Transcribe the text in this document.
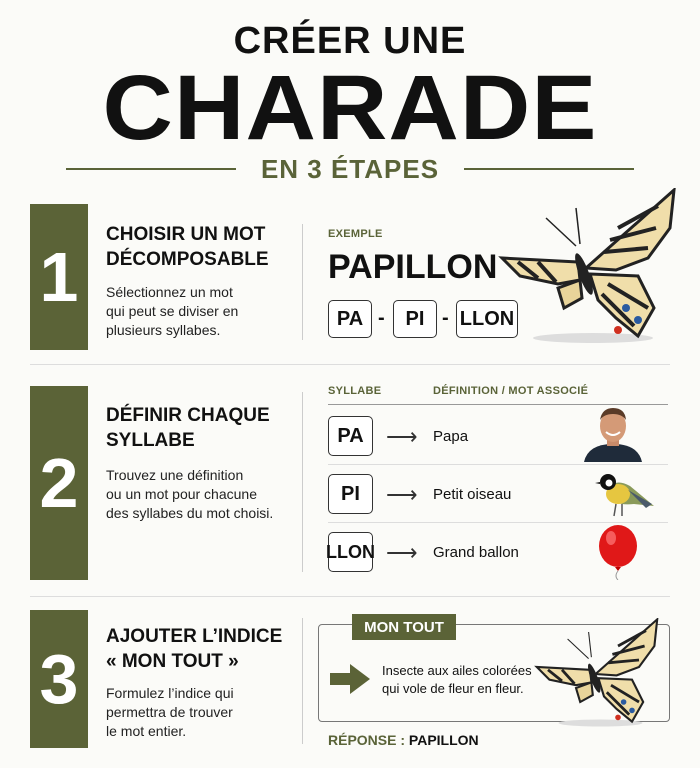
CRÉER UNE
CHARADE
EN 3 ÉTAPES
1
CHOISIR UN MOT
DÉCOMPOSABLE
Sélectionnez un mot
qui peut se diviser en
plusieurs syllabes.
EXEMPLE
PAPILLON
PA -	PI - LLON
2
DÉFINIR CHAQUE
SYLLABE
Trouvez une définition
ou un mot pour chacune
des syllabes du mot choisi.
SYLLABE	DÉFINITION / MOT ASSOCIÉ
PA	⟶ Papa
PI	⟶ Petit oiseau
LLON ⟶ Grand ballon
3
AJOUTER L’INDICE
« MON TOUT »
Formulez l’indice qui
permettra de trouver
le mot entier.
MON TOUT
Insecte aux ailes colorées
qui vole de fleur en fleur.
RÉPONSE : PAPILLON
